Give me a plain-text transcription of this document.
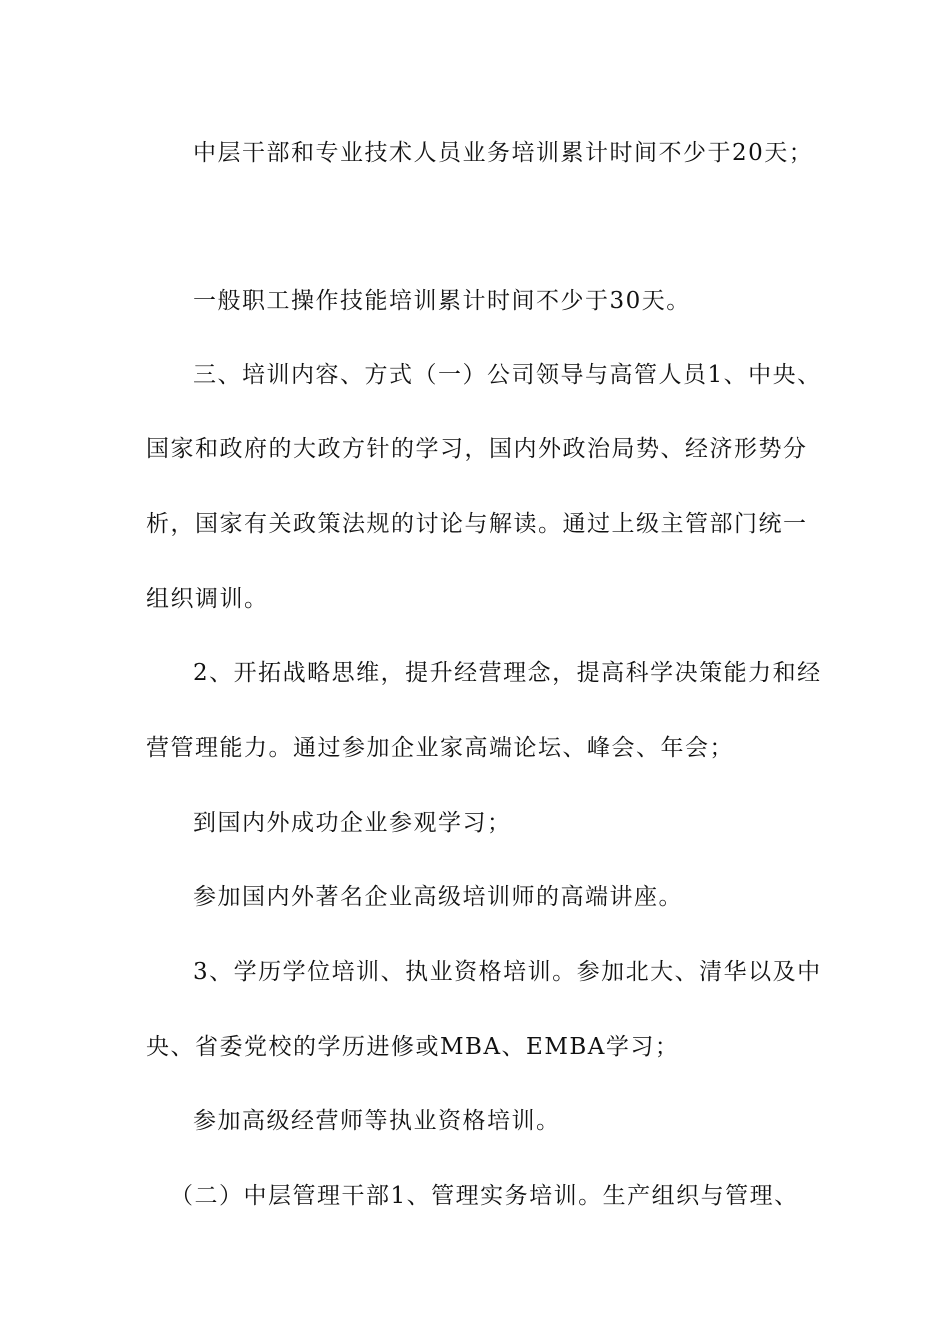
中层干部和专业技术人员业务培训累计时间不少于20天；
一般职工操作技能培训累计时间不少于30天。
三、培训内容、方式（一）公司领导与高管人员1、中央、
国家和政府的大政方针的学习，国内外政治局势、经济形势分
析，国家有关政策法规的讨论与解读。通过上级主管部门统一
组织调训。
2、开拓战略思维，提升经营理念，提高科学决策能力和经
营管理能力。通过参加企业家高端论坛、峰会、年会；
到国内外成功企业参观学习；
参加国内外著名企业高级培训师的高端讲座。
3、学历学位培训、执业资格培训。参加北大、清华以及中
央、省委党校的学历进修或MBA、EMBA学习；
参加高级经营师等执业资格培训。
（二）中层管理干部1、管理实务培训。生产组织与管理、
